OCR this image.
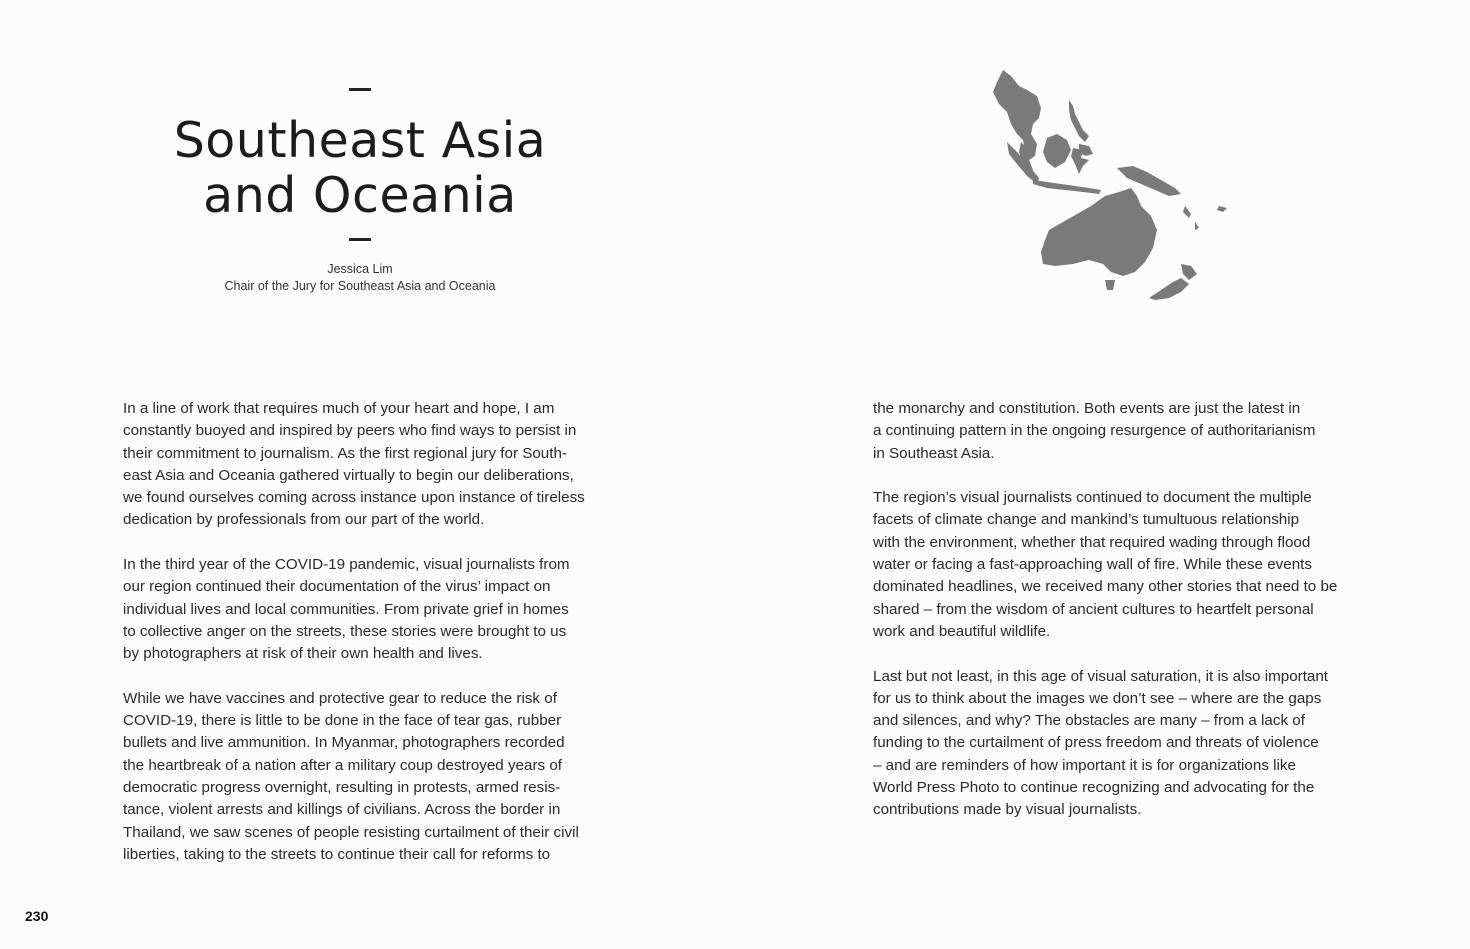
Southeast Asia
and Oceania
Jessica Lim
Chair of the Jury for Southeast Asia and Oceania

In a line of work that requires much of your heart and hope, I am
constantly buoyed and inspired by peers who find ways to persist in
their commitment to journalism. As the first regional jury for South-
east Asia and Oceania gathered virtually to begin our deliberations,
we found ourselves coming across instance upon instance of tireless
dedication by professionals from our part of the world.

In the third year of the COVID-19 pandemic, visual journalists from
our region continued their documentation of the virus’ impact on
individual lives and local communities. From private grief in homes
to collective anger on the streets, these stories were brought to us
by photographers at risk of their own health and lives.

While we have vaccines and protective gear to reduce the risk of
COVID-19, there is little to be done in the face of tear gas, rubber
bullets and live ammunition. In Myanmar, photographers recorded
the heartbreak of a nation after a military coup destroyed years of
democratic progress overnight, resulting in protests, armed resis-
tance, violent arrests and killings of civilians. Across the border in
Thailand, we saw scenes of people resisting curtailment of their civil
liberties, taking to the streets to continue their call for reforms to

the monarchy and constitution. Both events are just the latest in
a continuing pattern in the ongoing resurgence of authoritarianism
in Southeast Asia.

The region’s visual journalists continued to document the multiple
facets of climate change and mankind’s tumultuous relationship
with the environment, whether that required wading through flood
water or facing a fast-approaching wall of fire. While these events
dominated headlines, we received many other stories that need to be
shared – from the wisdom of ancient cultures to heartfelt personal
work and beautiful wildlife.

Last but not least, in this age of visual saturation, it is also important
for us to think about the images we don’t see – where are the gaps
and silences, and why? The obstacles are many – from a lack of
funding to the curtailment of press freedom and threats of violence
– and are reminders of how important it is for organizations like
World Press Photo to continue recognizing and advocating for the
contributions made by visual journalists.

230
